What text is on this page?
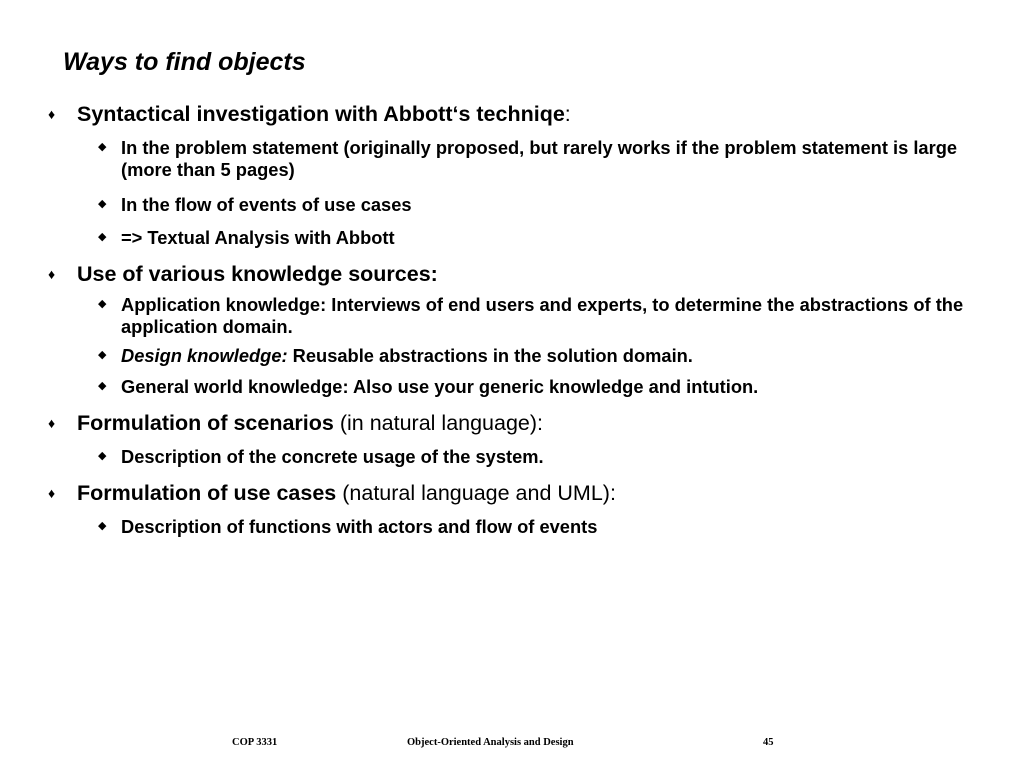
Ways to find objects
♦ Syntactical investigation with Abbott‘s techniqe:
◆ In the problem statement (originally proposed, but rarely works if the problem statement is large (more than 5 pages)
◆ In the flow of events of use cases
◆ => Textual Analysis with Abbott
♦ Use of various knowledge sources:
◆ Application knowledge: Interviews of end users and experts, to determine the abstractions of the application domain.
◆ Design knowledge: Reusable abstractions in the solution domain.
◆ General world knowledge: Also use your generic knowledge and intution.
♦ Formulation of scenarios (in natural language):
◆ Description of the concrete usage of the system.
♦ Formulation of use cases (natural language and UML):
◆ Description of functions with actors and flow of events
COP 3331	Object-Oriented Analysis and Design	45
